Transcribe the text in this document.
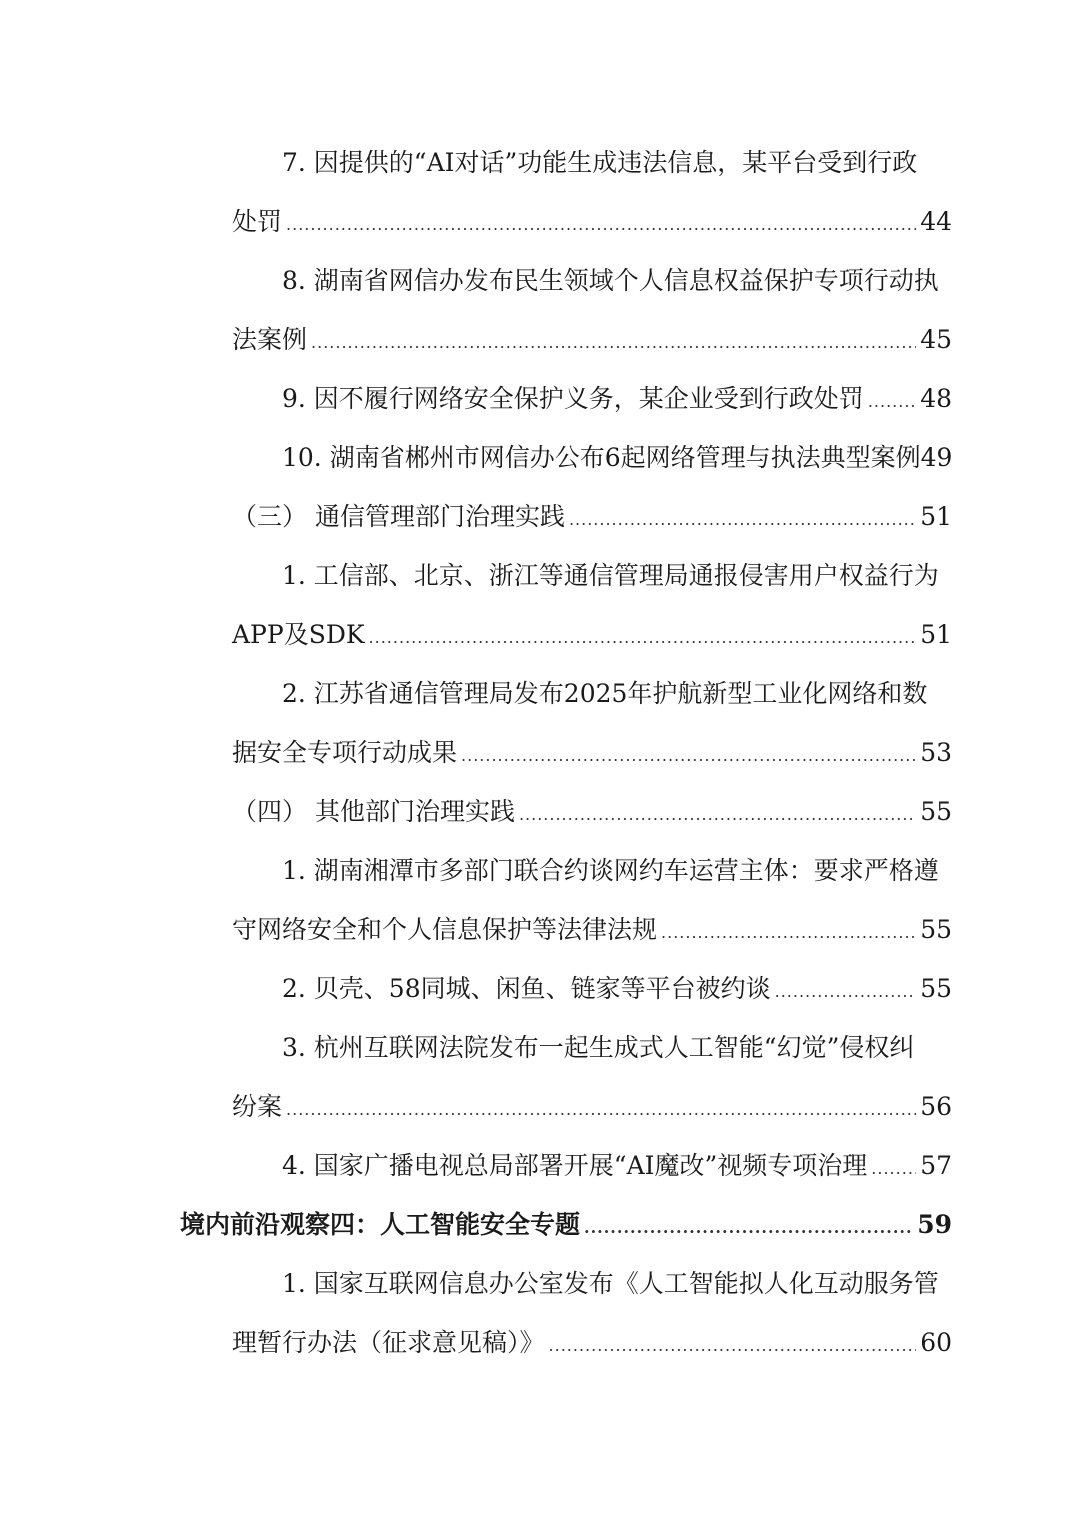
7. 因提供的“AI对话”功能生成违法信息，某平台受到行政
处罚 .....	44
8. 湖南省网信办发布民生领域个人信息权益保护专项行动执
法案例 .....	45
9. 因不履行网络安全保护义务，某企业受到行政处罚 ..... 48
10. 湖南省郴州市网信办公布6起网络管理与执法典型案例49
（三） 通信管理部门治理实践 .....	51
1. 工信部、北京、浙江等通信管理局通报侵害用户权益行为
APP及SDK .....	51
2. 江苏省通信管理局发布2025年护航新型工业化网络和数
据安全专项行动成果 .....	53
（四） 其他部门治理实践 .....	55
1. 湖南湘潭市多部门联合约谈网约车运营主体：要求严格遵
守网络安全和个人信息保护等法律法规 .....	55
2. 贝壳、58同城、闲鱼、链家等平台被约谈 .....	55
3. 杭州互联网法院发布一起生成式人工智能“幻觉”侵权纠
纷案 .....	56
4. 国家广播电视总局部署开展“AI魔改”视频专项治理 ..... 57
境内前沿观察四：人工智能安全专题 .....	59
1. 国家互联网信息办公室发布《人工智能拟人化互动服务管
理暂行办法（征求意见稿）》 .....	60
